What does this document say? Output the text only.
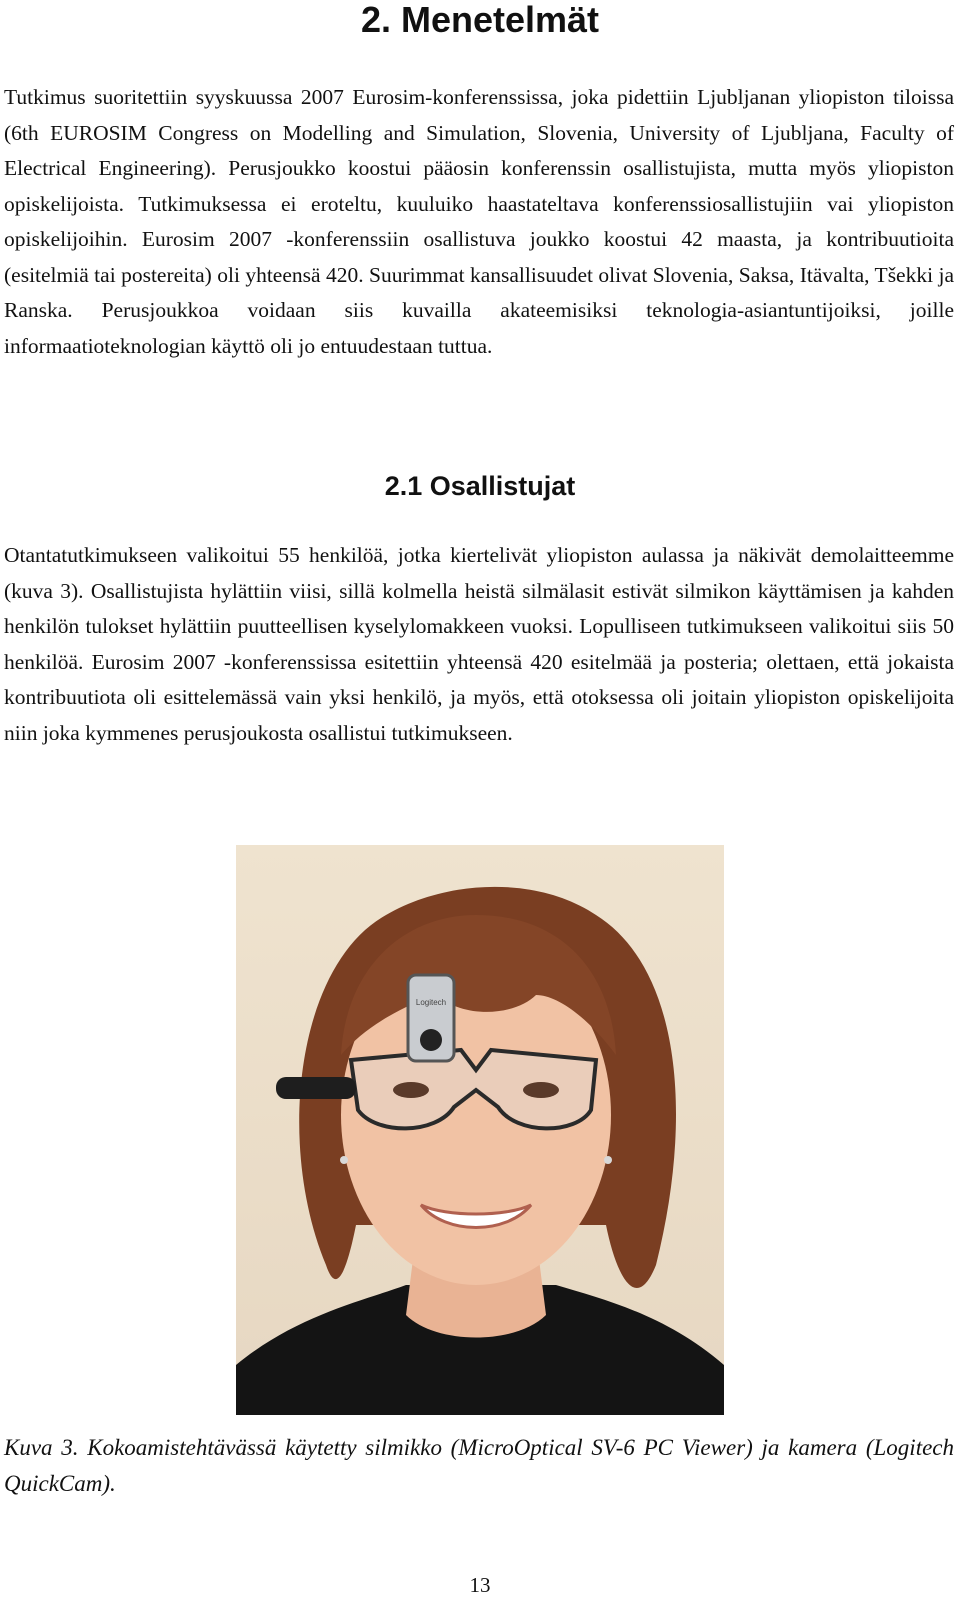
2. Menetelmät

Tutkimus suoritettiin syyskuussa 2007 Eurosim-konferenssissa, joka pidettiin Ljubljanan yliopiston tiloissa (6th EUROSIM Congress on Modelling and Simulation, Slovenia, University of Ljubljana, Faculty of Electrical Engineering). Perusjoukko koostui pääosin konferenssin osallistujista, mutta myös yliopiston opiskelijoista. Tutkimuksessa ei eroteltu, kuuluiko haastateltava konferenssiosallistujiin vai yliopiston opiskelijoihin. Eurosim 2007 -konferenssiin osallistuva joukko koostui 42 maasta, ja kontribuutioita (esitelmiä tai postereita) oli yhteensä 420. Suurimmat kansallisuudet olivat Slovenia, Saksa, Itävalta, Tšekki ja Ranska. Perusjoukkoa voidaan siis kuvailla akateemisiksi teknologia-asiantuntijoiksi, joille informaatioteknologian käyttö oli jo entuudestaan tuttua.

2.1 Osallistujat

Otantatutkimukseen valikoitui 55 henkilöä, jotka kiertelivät yliopiston aulassa ja näkivät demolaitteemme (kuva 3). Osallistujista hylättiin viisi, sillä kolmella heistä silmälasit estivät silmikon käyttämisen ja kahden henkilön tulokset hylättiin puutteellisen kyselylomakkeen vuoksi. Lopulliseen tutkimukseen valikoitui siis 50 henkilöä. Eurosim 2007 -konferenssissa esitettiin yhteensä 420 esitelmää ja posteria; olettaen, että jokaista kontribuutiota oli esittelemässä vain yksi henkilö, ja myös, että otoksessa oli joitain yliopiston opiskelijoita niin joka kymmenes perusjoukosta osallistui tutkimukseen.

Logitech

Kuva 3. Kokoamistehtävässä käytetty silmikko (MicroOptical SV-6 PC Viewer) ja kamera (Logitech QuickCam).

13
